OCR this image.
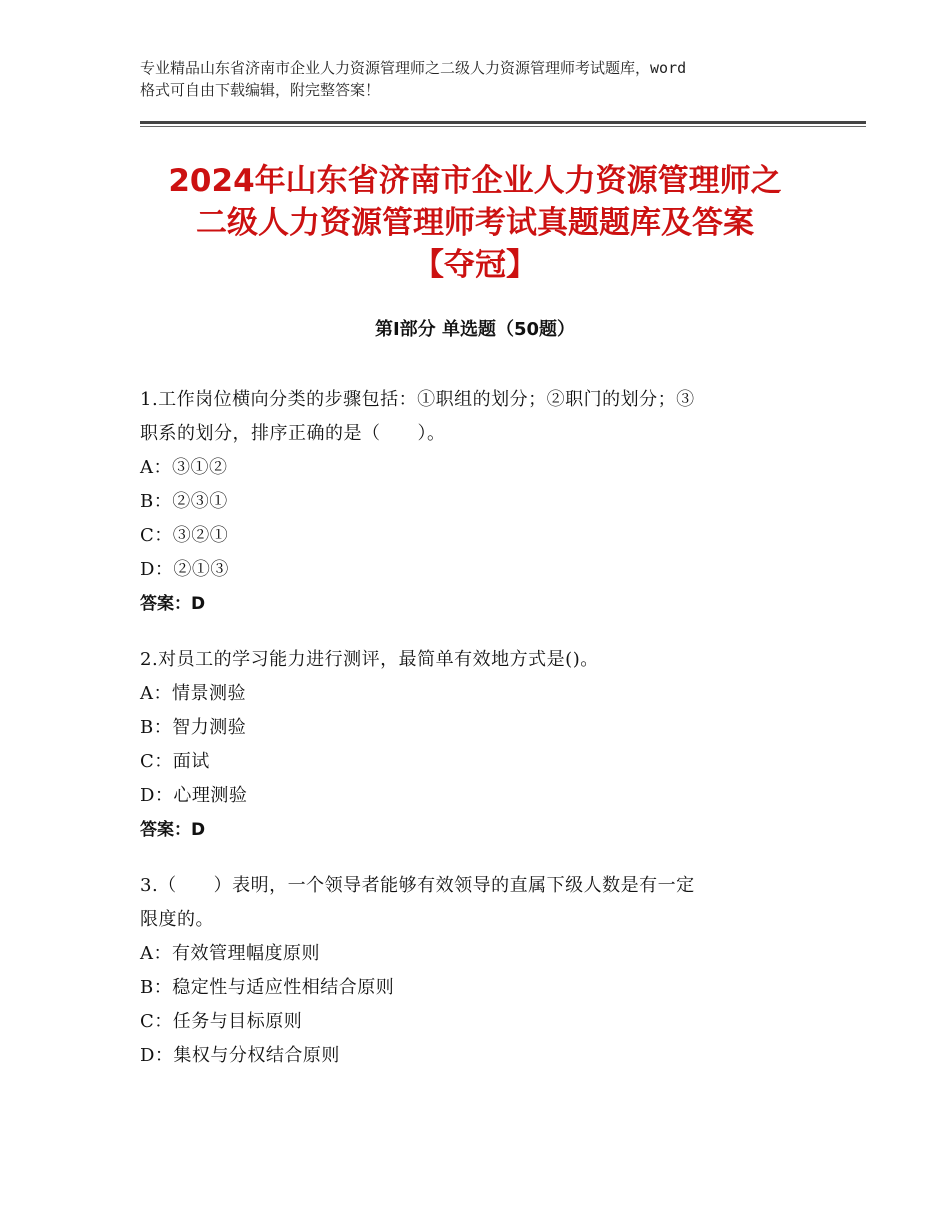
专业精品山东省济南市企业人力资源管理师之二级人力资源管理师考试题库，word
格式可自由下载编辑，附完整答案！
2024年山东省济南市企业人力资源管理师之
二级人力资源管理师考试真题题库及答案
【夺冠】
第Ⅰ部分 单选题（50题）
1.工作岗位横向分类的步骤包括：①职组的划分；②职门的划分；③
职系的划分，排序正确的是（　　）。
A：③①②
B：②③①
C：③②①
D：②①③
答案：D
2.对员工的学习能力进行测评，最简单有效地方式是()。
A：情景测验
B：智力测验
C：面试
D：心理测验
答案：D
3.（　　）表明，一个领导者能够有效领导的直属下级人数是有一定
限度的。
A：有效管理幅度原则
B：稳定性与适应性相结合原则
C：任务与目标原则
D：集权与分权结合原则
